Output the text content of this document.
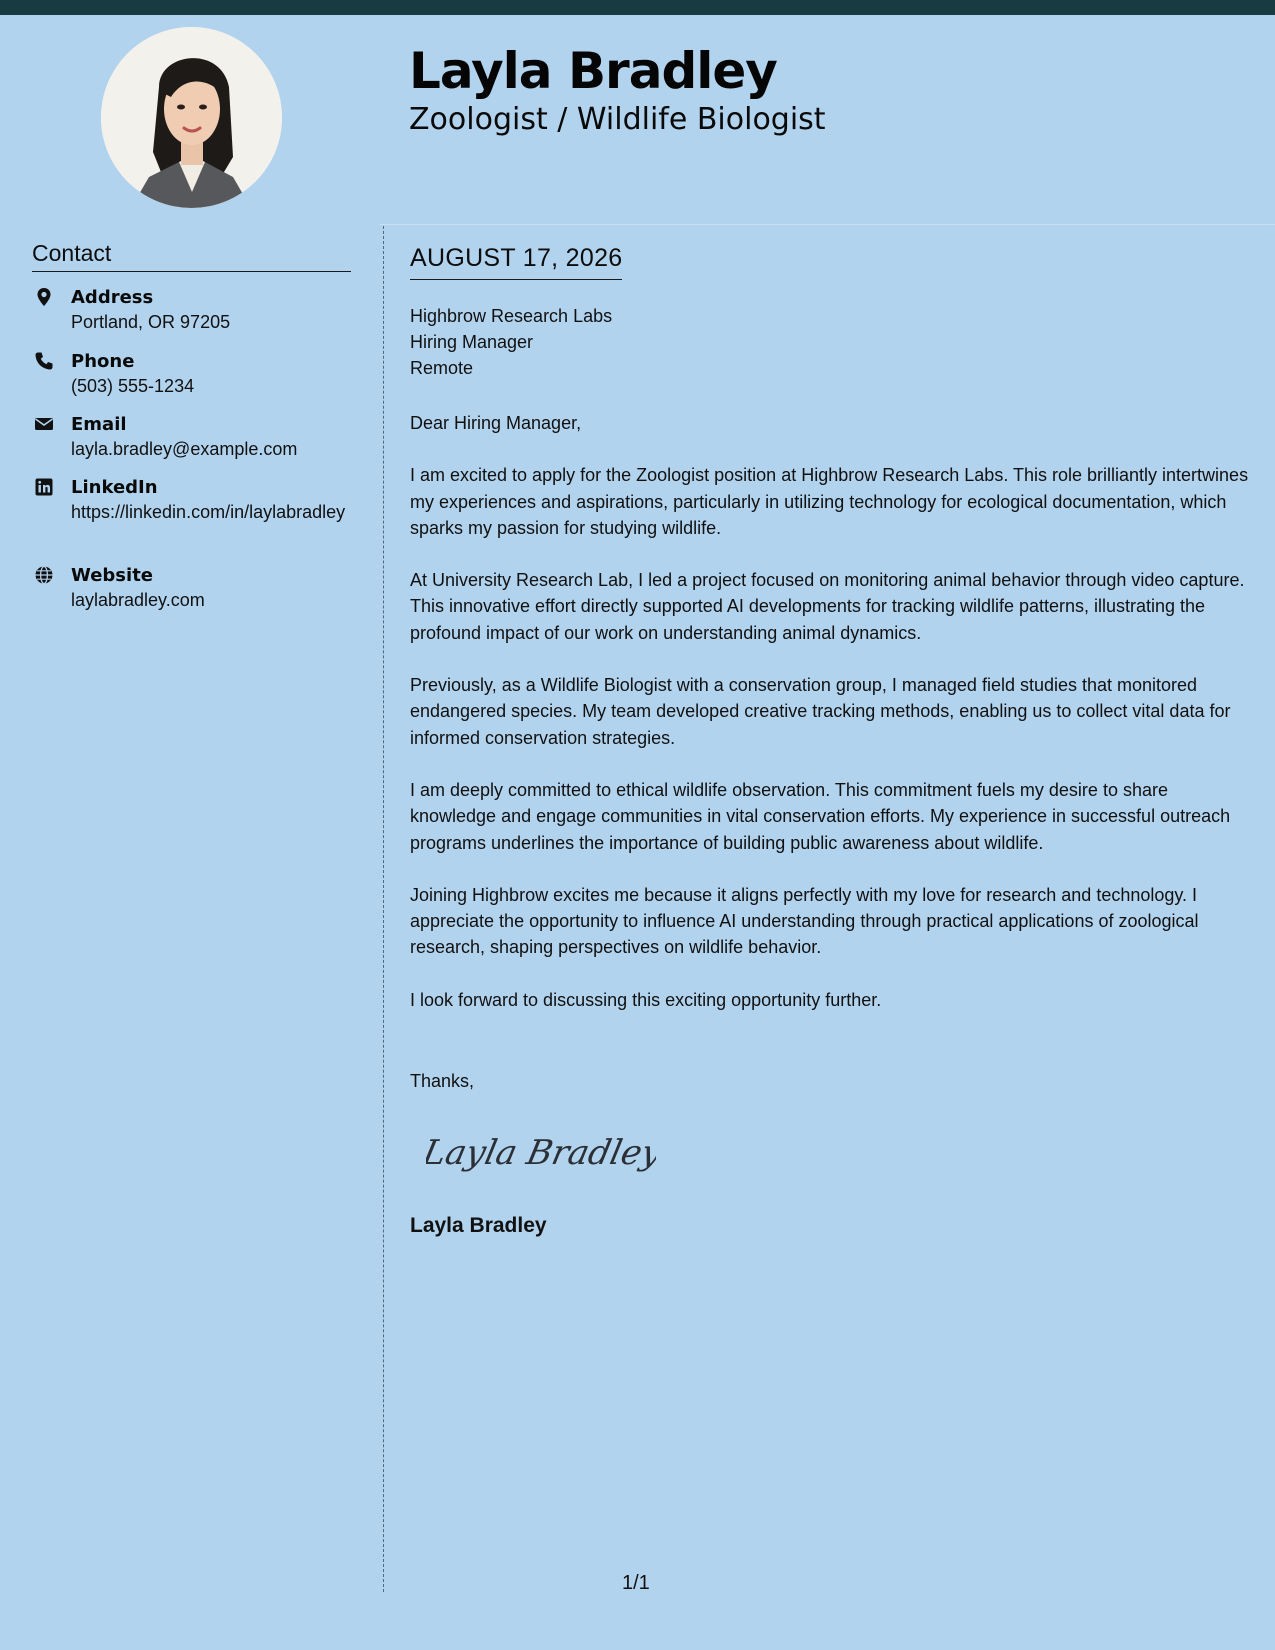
Layla Bradley
Zoologist / Wildlife Biologist
Contact
Address
Portland, OR 97205
Phone
(503) 555-1234
Email
layla.bradley@example.com
LinkedIn
https://linkedin.com/in/laylabradley
Website
laylabradley.com
AUGUST 17, 2026
Highbrow Research Labs
Hiring Manager
Remote

Dear Hiring Manager,

I am excited to apply for the Zoologist position at Highbrow Research Labs. This role brilliantly intertwines my experiences and aspirations, particularly in utilizing technology for ecological documentation, which sparks my passion for studying wildlife.

At University Research Lab, I led a project focused on monitoring animal behavior through video capture. This innovative effort directly supported AI developments for tracking wildlife patterns, illustrating the profound impact of our work on understanding animal dynamics.

Previously, as a Wildlife Biologist with a conservation group, I managed field studies that monitored endangered species. My team developed creative tracking methods, enabling us to collect vital data for informed conservation strategies.

I am deeply committed to ethical wildlife observation. This commitment fuels my desire to share knowledge and engage communities in vital conservation efforts. My experience in successful outreach programs underlines the importance of building public awareness about wildlife.

Joining Highbrow excites me because it aligns perfectly with my love for research and technology. I appreciate the opportunity to influence AI understanding through practical applications of zoological research, shaping perspectives on wildlife behavior.

I look forward to discussing this exciting opportunity further.

Thanks,
Layla Bradley
Layla Bradley
1/1
